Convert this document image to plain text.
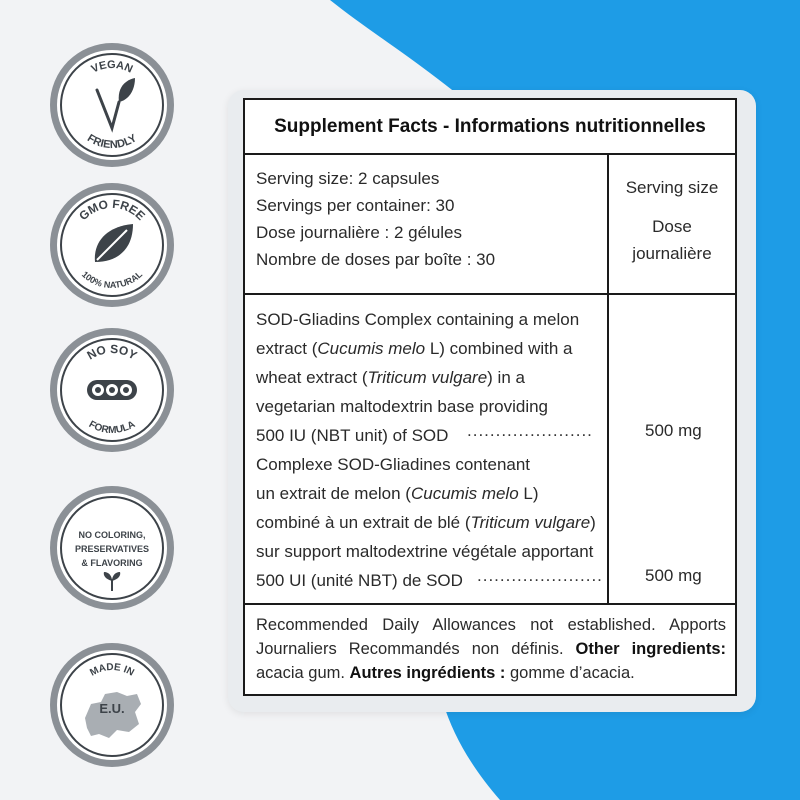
VEGAN
FRIENDLY
GMO FREE
100% NATURAL
NO SOY
FORMULA
NO COLORING,
PRESERVATIVES
& FLAVORING
MADE IN
E.U.
Supplement Facts - Informations nutritionnelles
Serving size: 2 capsules
Servings per container: 30
Dose journalière : 2 gélules
Nombre de doses par boîte : 30
Serving size
Dose
journalière
SOD-Gliadins Complex containing a melon
extract (Cucumis melo L) combined with a
wheat extract (Triticum vulgare) in a
vegetarian maltodextrin base providing
500 IU (NBT unit) of SOD
Complexe SOD-Gliadines contenant
un extrait de melon (Cucumis melo L)
combiné à un extrait de blé (Triticum vulgare)
sur support maltodextrine végétale apportant
500 UI (unité NBT) de SOD
......................	500 mg
...................... 500 mg
Recommended Daily Allowances not established. Apports Journaliers Recommandés non définis. Other ingredients: acacia gum. Autres ingrédients : gomme d’acacia.
